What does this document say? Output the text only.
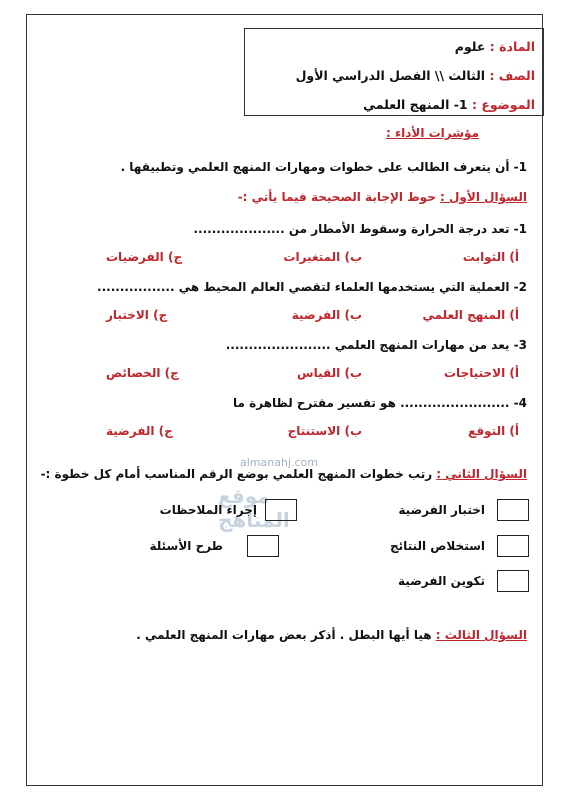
المادة : علوم
الصف : الثالث \\ الفصل الدراسي الأول
الموضوع : 1- المنهج العلمي
مؤشرات الأداء :
1- أن يتعرف الطالب على خطوات ومهارات المنهج العلمي وتطبيقها .
السؤال الأول : حوط الإجابة الصحيحة فيما يأتي :-
1- تعد درجة الحرارة وسقوط الأمطار من ....................
أ) الثوابت
ب) المتغيرات
ج) الفرضيات
2- العملية التي يستخدمها العلماء لتقصي العالم المحيط هي .................
أ) المنهج العلمي
ب) الفرضية
ج) الاختبار
3- يعد من مهارات المنهج العلمي .......................
أ) الاحتياجات
ب) القياس
ج) الخصائص
4- ........................ هو تفسير مقترح لظاهرة ما
أ) التوقع
ب) الاستنتاج
ج) الفرضية
almanahj.com
موقع المناهج
السؤال الثاني : رتب خطوات المنهج العلمي بوضع الرقم المناسب أمام كل خطوة :-
اختبار الفرضية
إجراء الملاحظات
استخلاص النتائج
طرح الأسئلة
تكوين الفرضية
السؤال الثالث : هيا أيها البطل . أذكر بعض مهارات المنهج العلمي .
